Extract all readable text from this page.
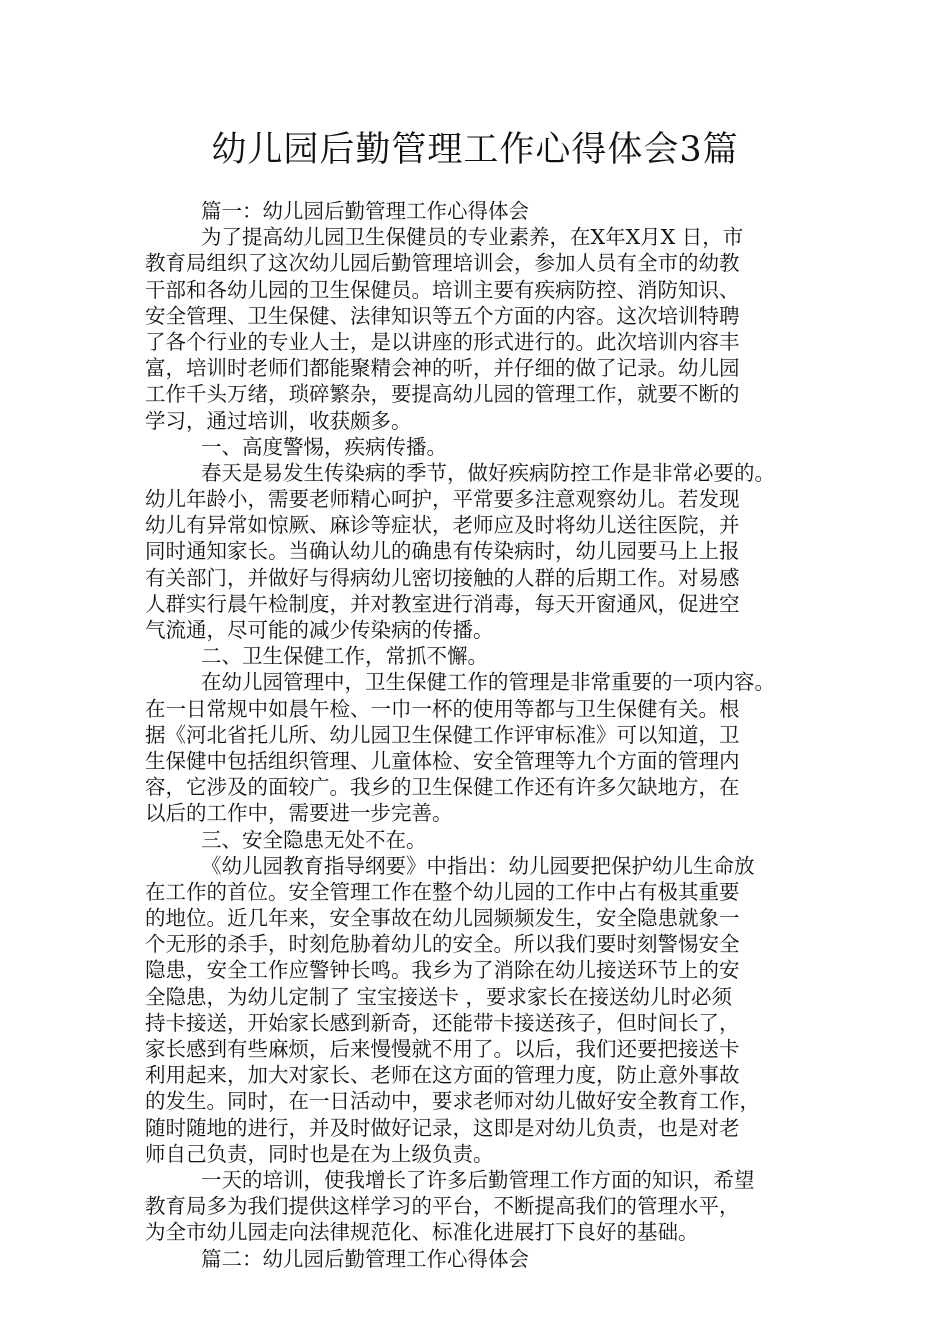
幼儿园后勤管理工作心得体会3篇
篇一：幼儿园后勤管理工作心得体会
为了提高幼儿园卫生保健员的专业素养，在X年X月X 日，市
教育局组织了这次幼儿园后勤管理培训会，参加人员有全市的幼教
干部和各幼儿园的卫生保健员。培训主要有疾病防控、消防知识、
安全管理、卫生保健、法律知识等五个方面的内容。这次培训特聘
了各个行业的专业人士，是以讲座的形式进行的。此次培训内容丰
富，培训时老师们都能聚精会神的听，并仔细的做了记录。幼儿园
工作千头万绪，琐碎繁杂，要提高幼儿园的管理工作，就要不断的
学习，通过培训，收获颇多。
一、高度警惕，疾病传播。
春天是易发生传染病的季节，做好疾病防控工作是非常必要的。
幼儿年龄小，需要老师精心呵护，平常要多注意观察幼儿。若发现
幼儿有异常如惊厥、麻诊等症状，老师应及时将幼儿送往医院，并
同时通知家长。当确认幼儿的确患有传染病时，幼儿园要马上上报
有关部门，并做好与得病幼儿密切接触的人群的后期工作。对易感
人群实行晨午检制度，并对教室进行消毒，每天开窗通风，促进空
气流通，尽可能的减少传染病的传播。
二、卫生保健工作，常抓不懈。
在幼儿园管理中，卫生保健工作的管理是非常重要的一项内容。
在一日常规中如晨午检、一巾一杯的使用等都与卫生保健有关。根
据《河北省托儿所、幼儿园卫生保健工作评审标准》可以知道，卫
生保健中包括组织管理、儿童体检、安全管理等九个方面的管理内
容，它涉及的面较广。我乡的卫生保健工作还有许多欠缺地方，在
以后的工作中，需要进一步完善。
三、安全隐患无处不在。
《幼儿园教育指导纲要》中指出：幼儿园要把保护幼儿生命放
在工作的首位。安全管理工作在整个幼儿园的工作中占有极其重要
的地位。近几年来，安全事故在幼儿园频频发生，安全隐患就象一
个无形的杀手，时刻危胁着幼儿的安全。所以我们要时刻警惕安全
隐患，安全工作应警钟长鸣。我乡为了消除在幼儿接送环节上的安
全隐患，为幼儿定制了 宝宝接送卡 ，要求家长在接送幼儿时必须
持卡接送，开始家长感到新奇，还能带卡接送孩子，但时间长了，
家长感到有些麻烦，后来慢慢就不用了。以后，我们还要把接送卡
利用起来，加大对家长、老师在这方面的管理力度，防止意外事故
的发生。同时，在一日活动中，要求老师对幼儿做好安全教育工作，
随时随地的进行，并及时做好记录，这即是对幼儿负责，也是对老
师自己负责，同时也是在为上级负责。
一天的培训，使我增长了许多后勤管理工作方面的知识，希望
教育局多为我们提供这样学习的平台，不断提高我们的管理水平，
为全市幼儿园走向法律规范化、标准化进展打下良好的基础。
篇二：幼儿园后勤管理工作心得体会
